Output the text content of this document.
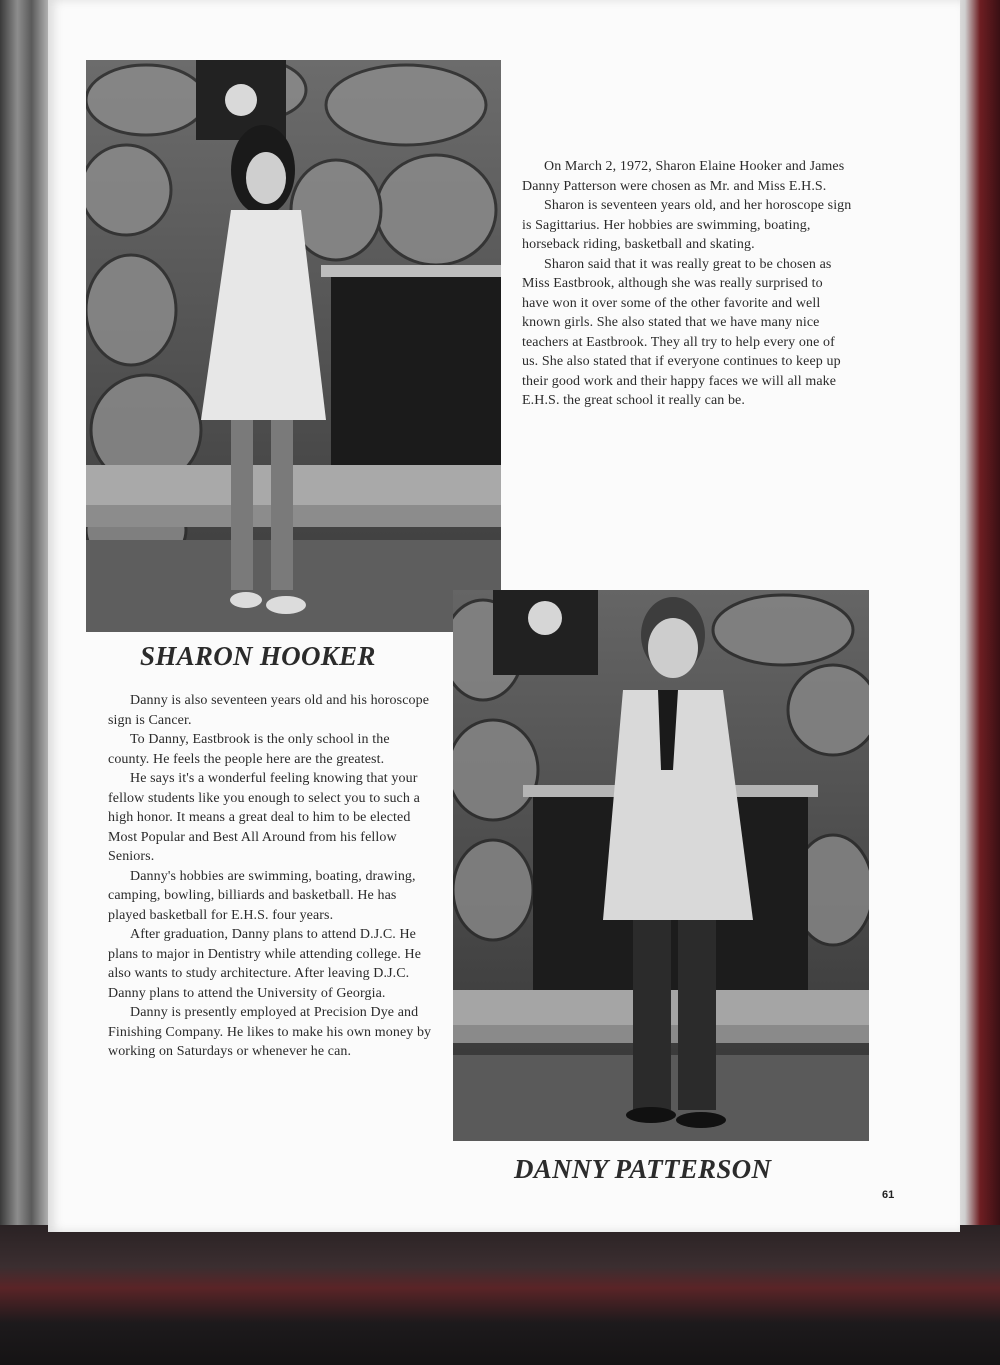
On March 2, 1972, Sharon Elaine Hooker and James Danny Patterson were chosen as Mr. and Miss E.H.S.

Sharon is seventeen years old, and her horoscope sign is Sagittarius. Her hobbies are swimming, boating, horseback riding, basketball and skating.

Sharon said that it was really great to be chosen as Miss Eastbrook, although she was really surprised to have won it over some of the other favorite and well known girls. She also stated that we have many nice teachers at Eastbrook. They all try to help every one of us. She also stated that if everyone continues to keep up their good work and their happy faces we will all make E.H.S. the great school it really can be.

SHARON HOOKER

Danny is also seventeen years old and his horoscope sign is Cancer.

To Danny, Eastbrook is the only school in the county. He feels the people here are the greatest.

He says it's a wonderful feeling knowing that your fellow students like you enough to select you to such a high honor. It means a great deal to him to be elected Most Popular and Best All Around from his fellow Seniors.

Danny's hobbies are swimming, boating, drawing, camping, bowling, billiards and basketball. He has played basketball for E.H.S. four years.

After graduation, Danny plans to attend D.J.C. He plans to major in Dentistry while attending college. He also wants to study architecture. After leaving D.J.C. Danny plans to attend the University of Georgia.

Danny is presently employed at Precision Dye and Finishing Company. He likes to make his own money by working on Saturdays or whenever he can.

DANNY PATTERSON
61
